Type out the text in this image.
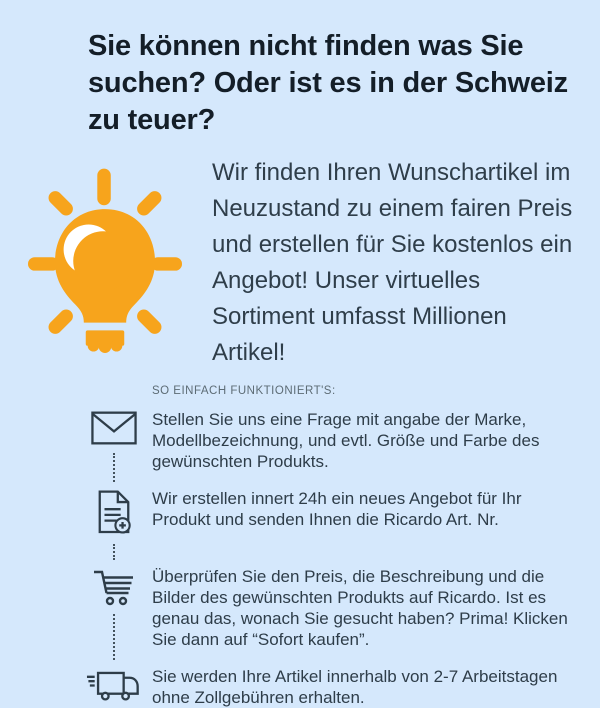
Sie können nicht finden was Sie suchen? Oder ist es in der Schweiz zu teuer?

Wir finden Ihren Wunschartikel im Neuzustand zu einem fairen Preis und erstellen für Sie kostenlos ein Angebot! Unser virtuelles Sortiment umfasst Millionen Artikel!

SO EINFACH FUNKTIONIERT'S:

Stellen Sie uns eine Frage mit angabe der Marke, Modellbezeichnung, und evtl. Größe und Farbe des gewünschten Produkts.

Wir erstellen innert 24h ein neues Angebot für Ihr Produkt und senden Ihnen die Ricardo Art. Nr.

Überprüfen Sie den Preis, die Beschreibung und die Bilder des gewünschten Produkts auf Ricardo. Ist es genau das, wonach Sie gesucht haben? Prima! Klicken Sie dann auf “Sofort kaufen”.

Sie werden Ihre Artikel innerhalb von 2-7 Arbeitstagen ohne Zollgebühren erhalten.
